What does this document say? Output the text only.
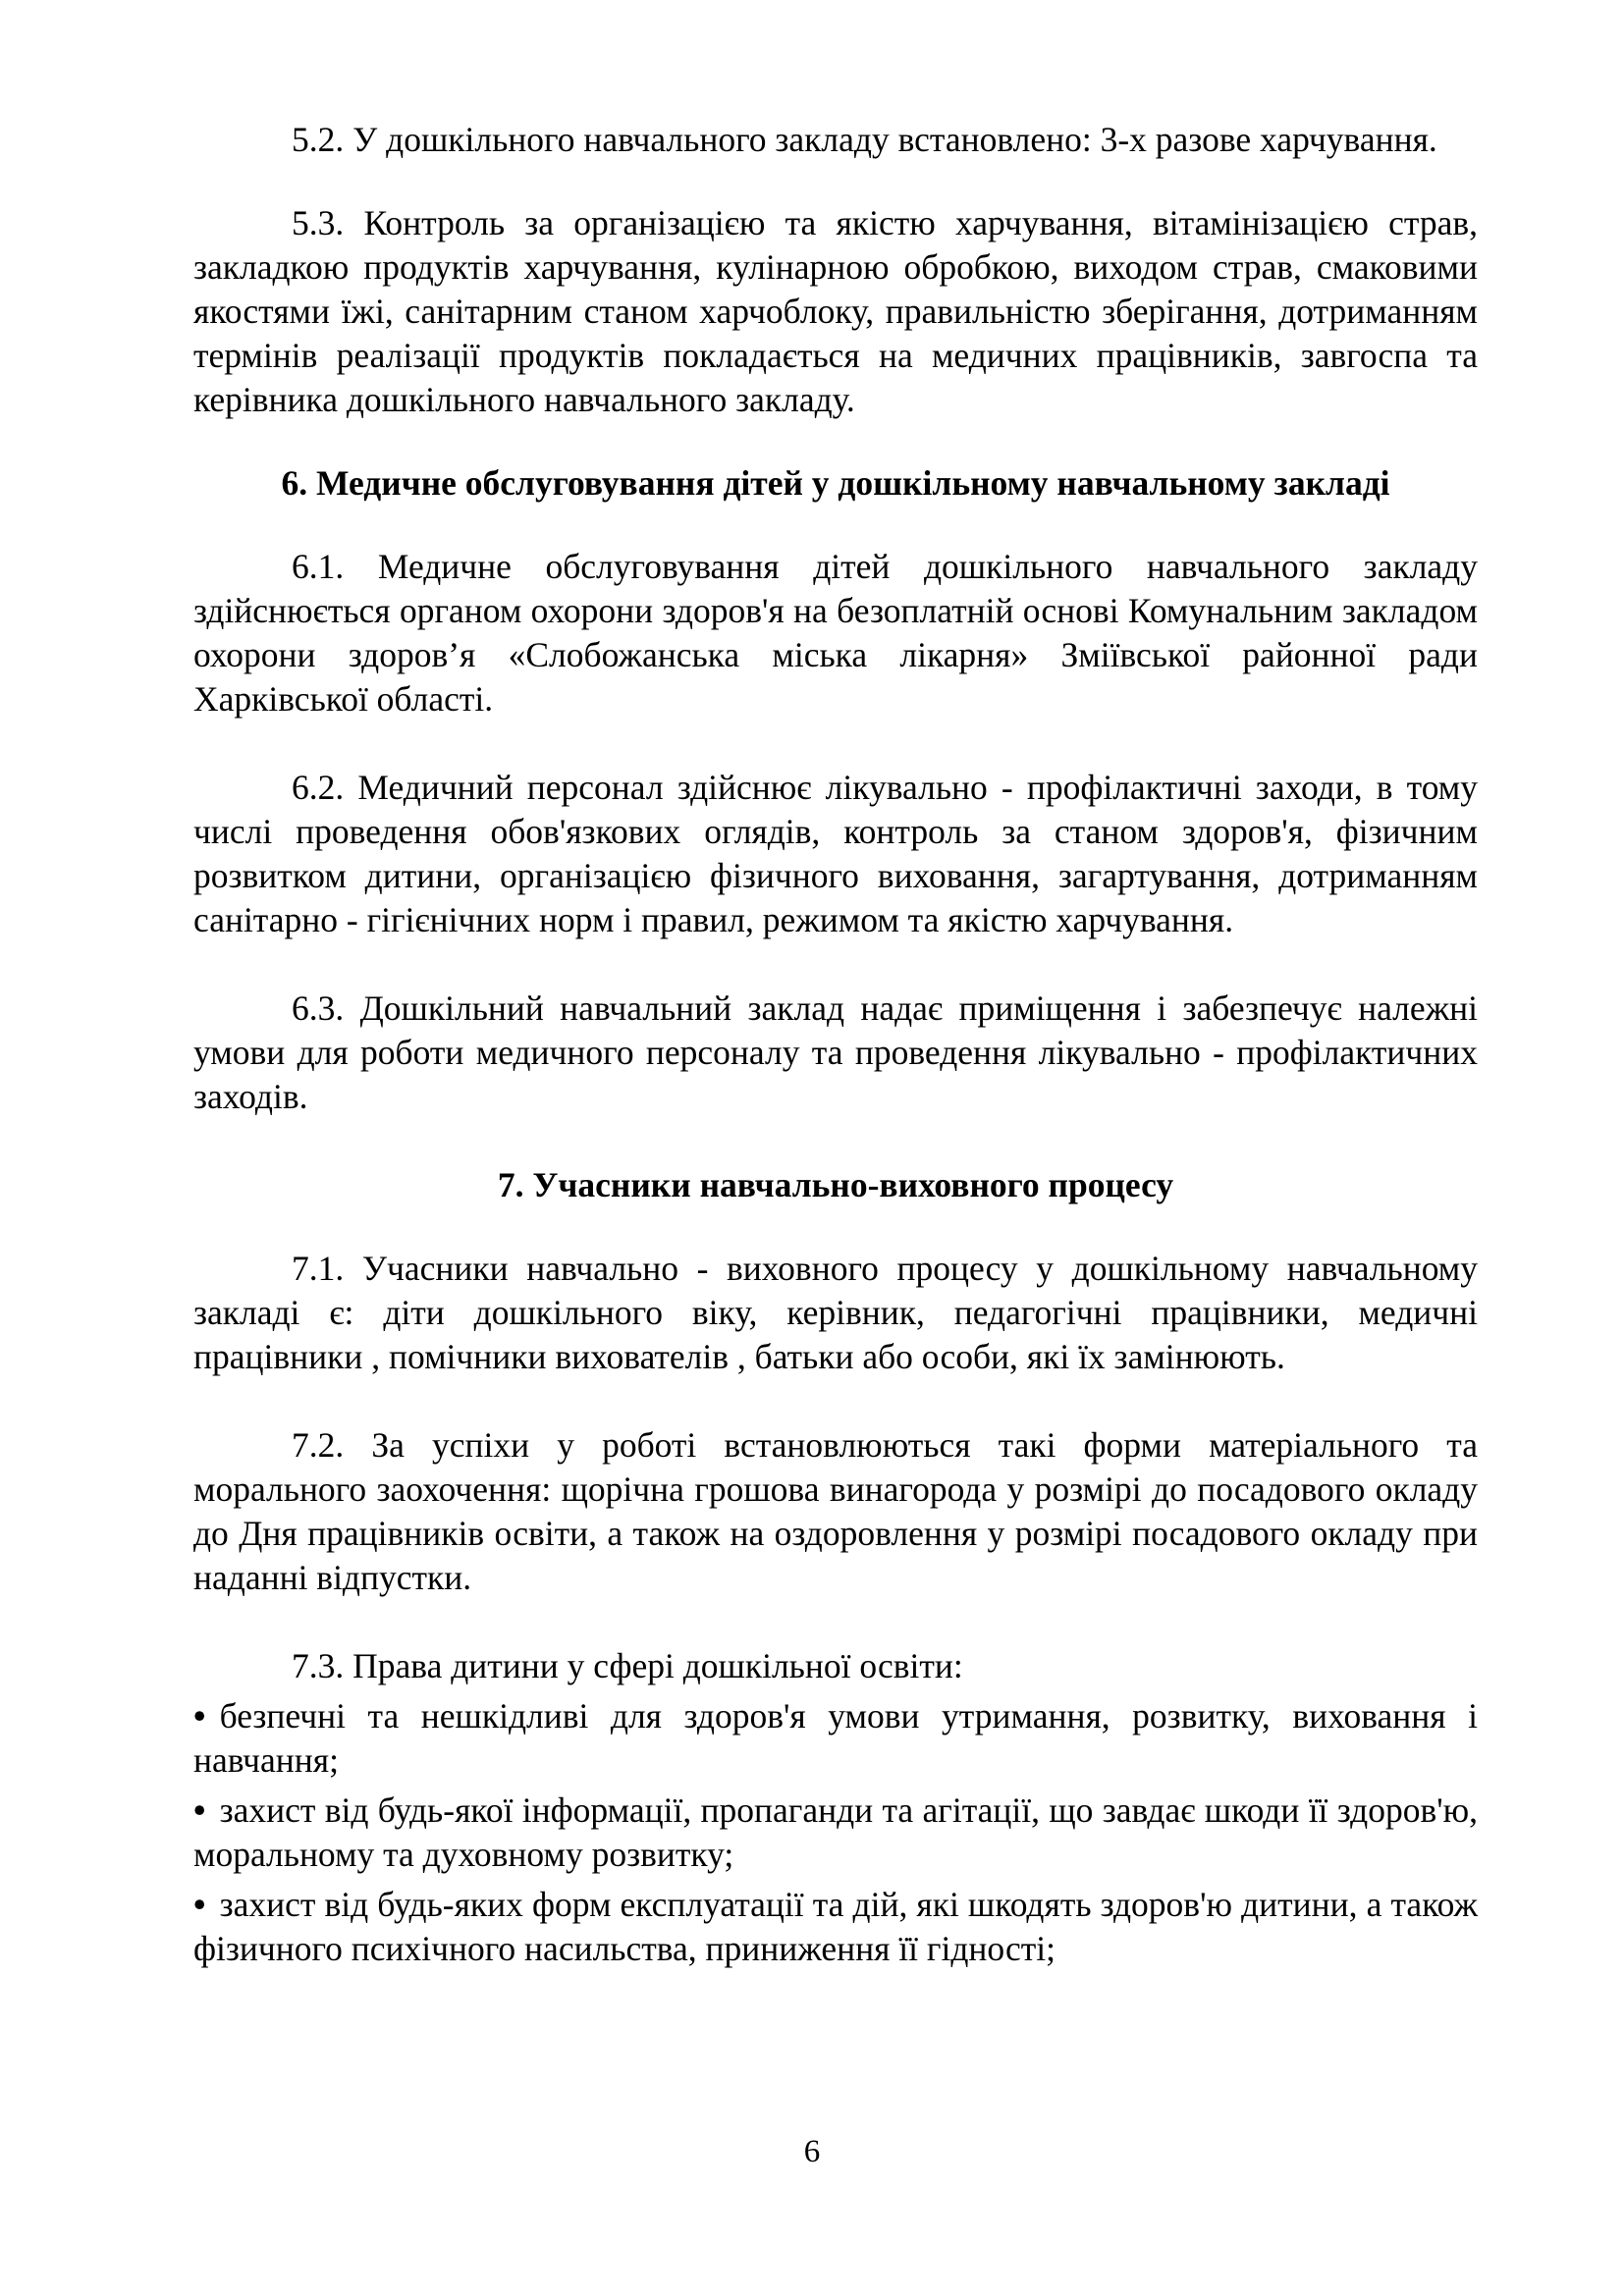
5.2. У дошкільного навчального закладу встановлено: 3-х разове харчування.

5.3. Контроль за організацією та якістю харчування, вітамінізацією страв, закладкою продуктів харчування, кулінарною обробкою, виходом страв, смаковими якостями їжі, санітарним станом харчоблоку, правильністю зберігання, дотриманням термінів реалізації продуктів покладається на медичних працівників, завгоспа та керівника дошкільного навчального закладу.

6. Медичне обслуговування дітей у дошкільному навчальному закладі

6.1. Медичне обслуговування дітей дошкільного навчального закладу здійснюється органом охорони здоров'я на безоплатній основі Комунальним закладом охорони здоров’я «Слобожанська міська лікарня» Зміївської районної ради Харківської області.

6.2. Медичний персонал здійснює лікувально - профілактичні заходи, в тому числі проведення обов'язкових оглядів, контроль за станом здоров'я, фізичним розвитком дитини, організацією фізичного виховання, загартування, дотриманням санітарно - гігієнічних норм і правил, режимом та якістю харчування.

6.3. Дошкільний навчальний заклад надає приміщення і забезпечує належні умови для роботи медичного персоналу та проведення лікувально - профілактичних заходів.

7. Учасники навчально-виховного процесу

7.1. Учасники навчально - виховного процесу у дошкільному навчальному закладі є: діти дошкільного віку, керівник, педагогічні працівники, медичні працівники , помічники вихователів , батьки або особи, які їх замінюють.

7.2. За успіхи у роботі встановлюються такі форми матеріального та морального заохочення: щорічна грошова винагорода у розмірі до посадового окладу до Дня працівників освіти, а також на оздоровлення у розмірі посадового окладу при наданні відпустки.

7.3. Права дитини у сфері дошкільної освіти:

• безпечні та нешкідливі для здоров'я умови утримання, розвитку, виховання і навчання;

• захист від будь-якої інформації, пропаганди та агітації, що завдає шкоди її здоров'ю, моральному та духовному розвитку;

• захист від будь-яких форм експлуатації та дій, які шкодять здоров'ю дитини, а також фізичного психічного насильства, приниження її гідності;

6
